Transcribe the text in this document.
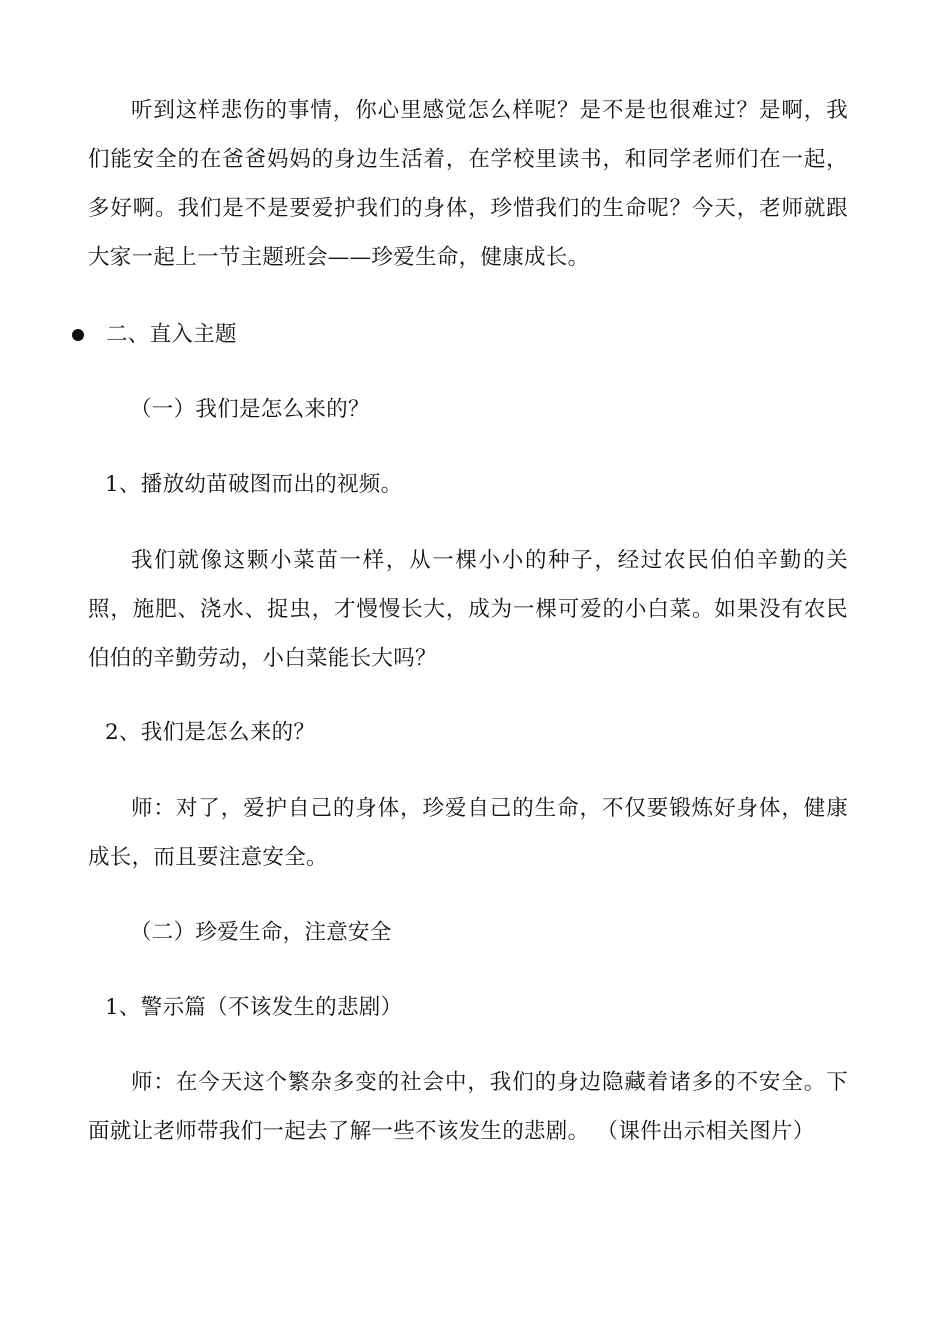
听到这样悲伤的事情，你心里感觉怎么样呢？是不是也很难过？是啊，我们能安全的在爸爸妈妈的身边生活着，在学校里读书，和同学老师们在一起，多好啊。我们是不是要爱护我们的身体，珍惜我们的生命呢？今天，老师就跟大家一起上一节主题班会——珍爱生命，健康成长。

二、直入主题

（一）我们是怎么来的？

1、播放幼苗破图而出的视频。

我们就像这颗小菜苗一样，从一棵小小的种子，经过农民伯伯辛勤的关照，施肥、浇水、捉虫，才慢慢长大，成为一棵可爱的小白菜。如果没有农民伯伯的辛勤劳动，小白菜能长大吗？

2、我们是怎么来的？

师：对了，爱护自己的身体，珍爱自己的生命，不仅要锻炼好身体，健康成长，而且要注意安全。

（二）珍爱生命，注意安全

1、警示篇（不该发生的悲剧）

师：在今天这个繁杂多变的社会中，我们的身边隐藏着诸多的不安全。下面就让老师带我们一起去了解一些不该发生的悲剧。 （课件出示相关图片）
